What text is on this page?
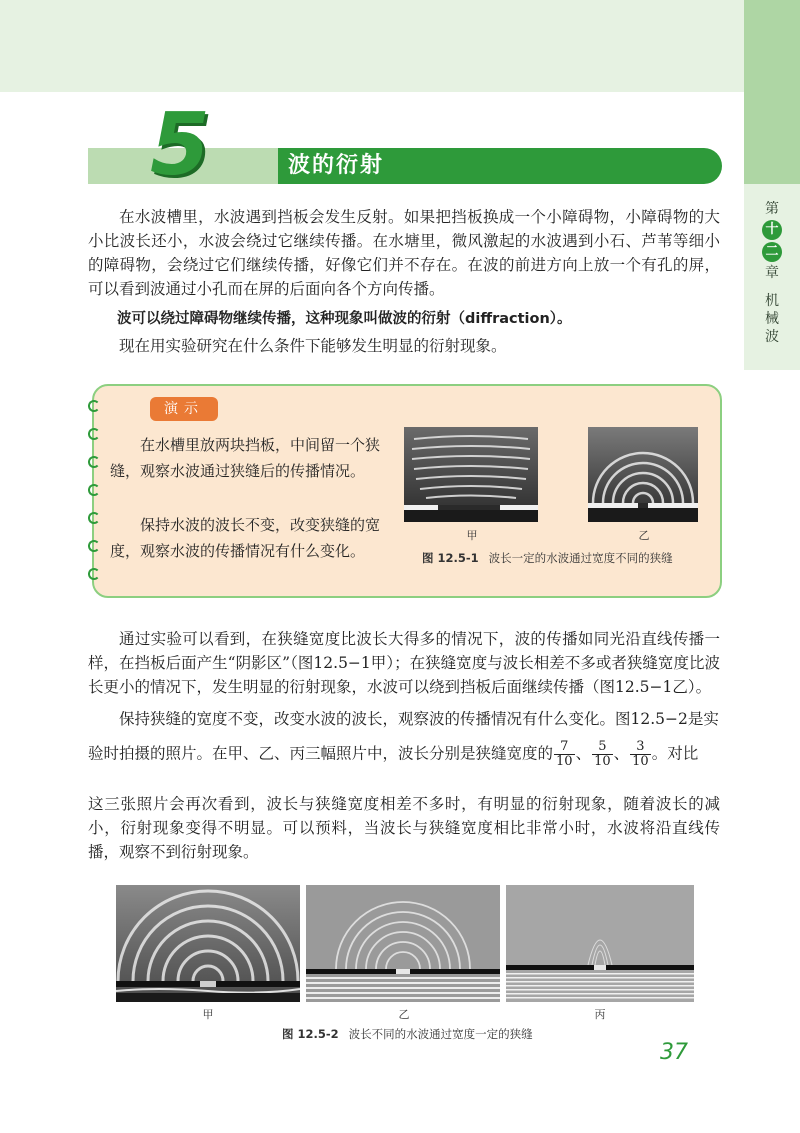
第
十
二
章
机
械
波
5	波的衍射

在水波槽里，水波遇到挡板会发生反射。如果把挡板换成一个小障碍物，小障碍物的大小比波长还小，水波会绕过它继续传播。在水塘里，微风激起的水波遇到小石、芦苇等细小的障碍物，会绕过它们继续传播，好像它们并不存在。在波的前进方向上放一个有孔的屏，可以看到波通过小孔而在屏的后面向各个方向传播。

波可以绕过障碍物继续传播，这种现象叫做波的衍射（diffraction）。

现在用实验研究在什么条件下能够发生明显的衍射现象。

演示

在水槽里放两块挡板，中间留一个狭缝，观察水波通过狭缝后的传播情况。

保持水波的波长不变，改变狭缝的宽度，观察水波的传播情况有什么变化。

甲	乙
图 12.5-1 波长一定的水波通过宽度不同的狭缝

通过实验可以看到，在狭缝宽度比波长大得多的情况下，波的传播如同光沿直线传播一样，在挡板后面产生“阴影区”（图12.5−1甲）；在狭缝宽度与波长相差不多或者狭缝宽度比波长更小的情况下，发生明显的衍射现象，水波可以绕到挡板后面继续传播（图12.5−1乙）。

保持狭缝的宽度不变，改变水波的波长，观察波的传播情况有什么变化。图12.5−2是实

验时拍摄的照片。在甲、乙、丙三幅照片中，波长分别是狭缝宽度的 $\frac{7}{10}$ 、 $\frac{5}{10}$ 、 $\frac{3}{10}$ 。对比

这三张照片会再次看到，波长与狭缝宽度相差不多时，有明显的衍射现象，随着波长的减小，衍射现象变得不明显。可以预料，当波长与狭缝宽度相比非常小时，水波将沿直线传播，观察不到衍射现象。

甲	乙	丙
图 12.5-2 波长不同的水波通过宽度一定的狭缝
37
